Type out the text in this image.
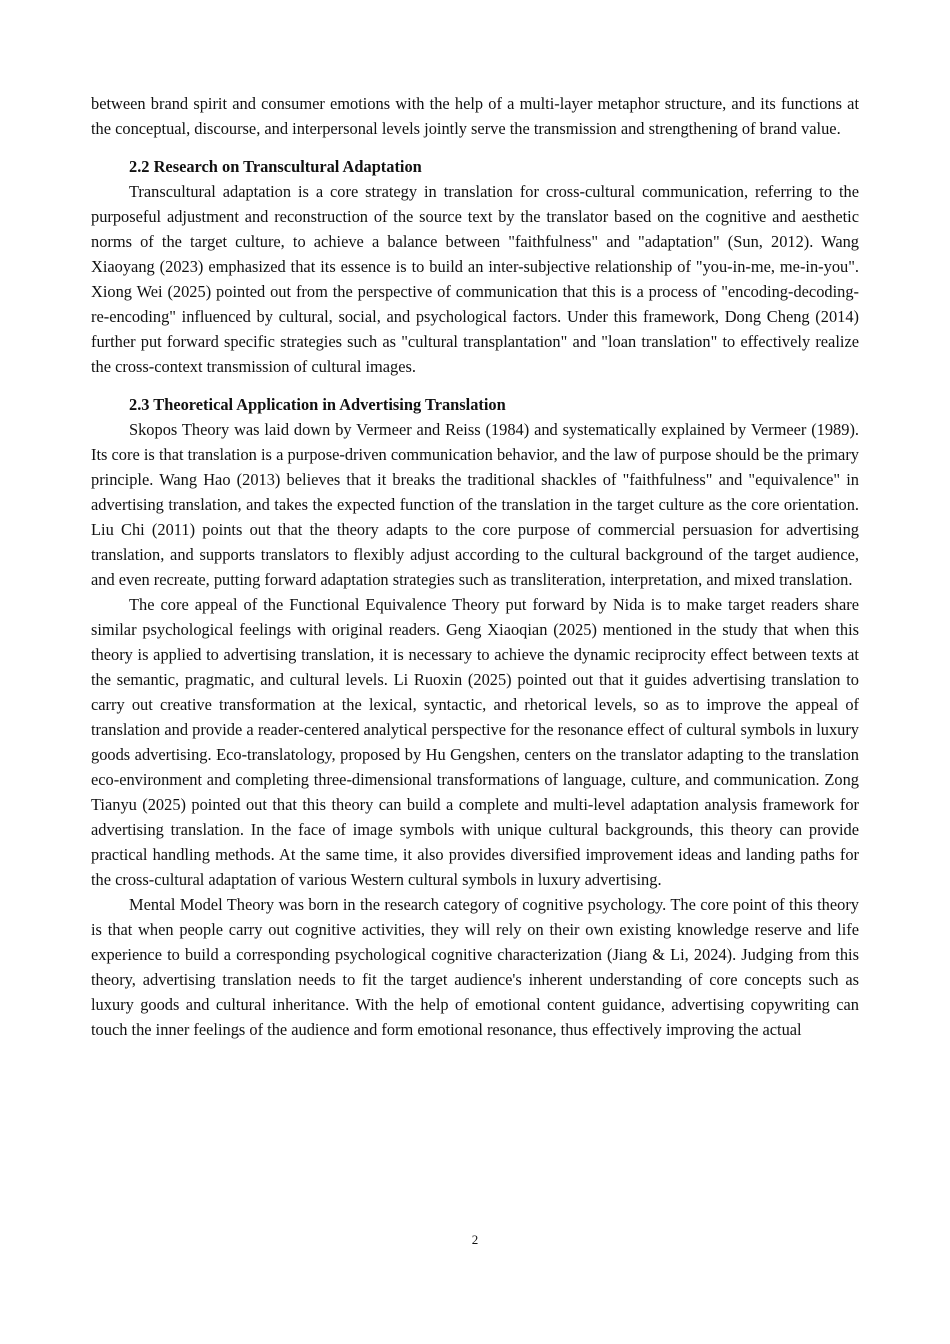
between brand spirit and consumer emotions with the help of a multi-layer metaphor structure, and its functions at the conceptual, discourse, and interpersonal levels jointly serve the transmission and strengthening of brand value.

2.2 Research on Transcultural Adaptation

Transcultural adaptation is a core strategy in translation for cross-cultural communication, referring to the purposeful adjustment and reconstruction of the source text by the translator based on the cognitive and aesthetic norms of the target culture, to achieve a balance between "faithfulness" and "adaptation" (Sun, 2012). Wang Xiaoyang (2023) emphasized that its essence is to build an inter-subjective relationship of "you-in-me, me-in-you". Xiong Wei (2025) pointed out from the perspective of communication that this is a process of "encoding-decoding-re-encoding" influenced by cultural, social, and psychological factors. Under this framework, Dong Cheng (2014) further put forward specific strategies such as "cultural transplantation" and "loan translation" to effectively realize the cross-context transmission of cultural images.

2.3 Theoretical Application in Advertising Translation

Skopos Theory was laid down by Vermeer and Reiss (1984) and systematically explained by Vermeer (1989). Its core is that translation is a purpose-driven communication behavior, and the law of purpose should be the primary principle. Wang Hao (2013) believes that it breaks the traditional shackles of "faithfulness" and "equivalence" in advertising translation, and takes the expected function of the translation in the target culture as the core orientation. Liu Chi (2011) points out that the theory adapts to the core purpose of commercial persuasion for advertising translation, and supports translators to flexibly adjust according to the cultural background of the target audience, and even recreate, putting forward adaptation strategies such as transliteration, interpretation, and mixed translation.

The core appeal of the Functional Equivalence Theory put forward by Nida is to make target readers share similar psychological feelings with original readers. Geng Xiaoqian (2025) mentioned in the study that when this theory is applied to advertising translation, it is necessary to achieve the dynamic reciprocity effect between texts at the semantic, pragmatic, and cultural levels. Li Ruoxin (2025) pointed out that it guides advertising translation to carry out creative transformation at the lexical, syntactic, and rhetorical levels, so as to improve the appeal of translation and provide a reader-centered analytical perspective for the resonance effect of cultural symbols in luxury goods advertising. Eco-translatology, proposed by Hu Gengshen, centers on the translator adapting to the translation eco-environment and completing three-dimensional transformations of language, culture, and communication. Zong Tianyu (2025) pointed out that this theory can build a complete and multi-level adaptation analysis framework for advertising translation. In the face of image symbols with unique cultural backgrounds, this theory can provide practical handling methods. At the same time, it also provides diversified improvement ideas and landing paths for the cross-cultural adaptation of various Western cultural symbols in luxury advertising.

Mental Model Theory was born in the research category of cognitive psychology. The core point of this theory is that when people carry out cognitive activities, they will rely on their own existing knowledge reserve and life experience to build a corresponding psychological cognitive characterization (Jiang & Li, 2024). Judging from this theory, advertising translation needs to fit the target audience's inherent understanding of core concepts such as luxury goods and cultural inheritance. With the help of emotional content guidance, advertising copywriting can touch the inner feelings of the audience and form emotional resonance, thus effectively improving the actual

2
